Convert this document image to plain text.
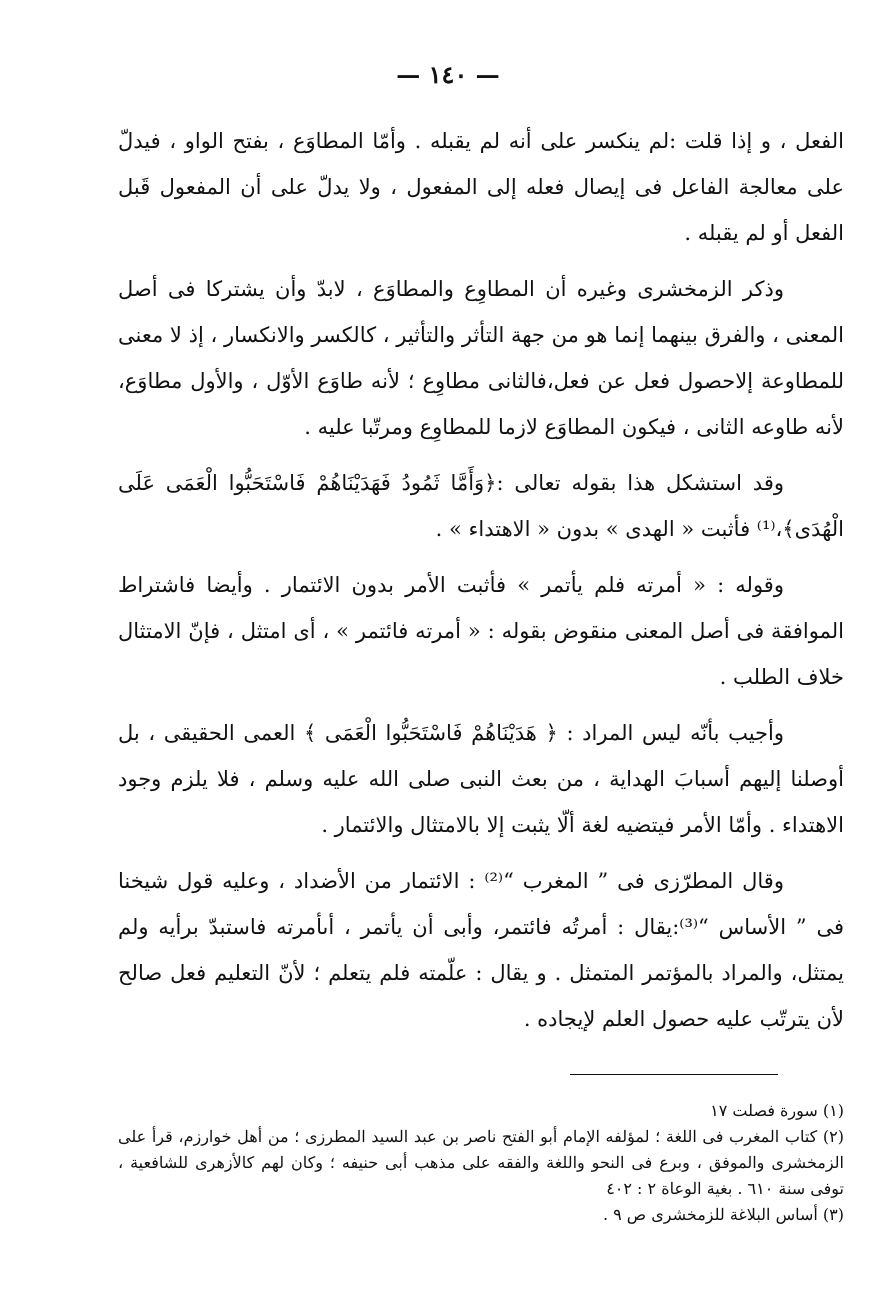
— ١٤٠ —

الفعل ، و إذا قلت :لم ينكسر على أنه لم يقبله . وأمّا المطاوَع ، بفتح الواو ، فيدلّ على معالجة الفاعل فى إيصال فعله إلى المفعول ، ولا يدلّ على أن المفعول قَبل الفعل أو لم يقبله .

وذكر الزمخشرى وغيره أن المطاوِع والمطاوَع ، لابدّ وأن يشتركا فى أصل المعنى ، والفرق بينهما إنما هو من جهة التأثر والتأثير ، كالكسر والانكسار ، إذ لا معنى للمطاوعة إلاحصول فعل عن فعل،فالثانى مطاوِع ؛ لأنه طاوَع الأوّل ، والأول مطاوَع، لأنه طاوعه الثانى ، فيكون المطاوَع لازما للمطاوِع ومرتّبا عليه .

وقد استشكل هذا بقوله تعالى :﴿وَأَمَّا ثَمُودُ فَهَدَيْنَاهُمْ فَاسْتَحَبُّوا الْعَمَى عَلَى الْهُدَى﴾،⁽¹⁾ فأثبت « الهدى » بدون « الاهتداء » .

وقوله : « أمرته فلم يأتمر » فأثبت الأمر بدون الائتمار . وأيضا فاشتراط الموافقة فى أصل المعنى منقوض بقوله : « أمرته فائتمر » ، أى امتثل ، فإنّ الامتثال خلاف الطلب .

وأجيب بأنّه ليس المراد : ﴿ هَدَيْنَاهُمْ فَاسْتَحَبُّوا الْعَمَى ﴾ العمى الحقيقى ، بل أوصلنا إليهم أسبابَ الهداية ، من بعث النبى صلى الله عليه وسلم ، فلا يلزم وجود الاهتداء . وأمّا الأمر فيتضيه لغة ألّا يثبت إلا بالامتثال والائتمار .

وقال المطرّزى فى ” المغرب “⁽²⁾ : الائتمار من الأضداد ، وعليه قول شيخنا فى ” الأساس “⁽³⁾:يقال : أمرتُه فائتمر، وأبى أن يأتمر ، أىأمرته فاستبدّ برأيه ولم يمتثل، والمراد بالمؤتمر المتمثل . و يقال : علّمته فلم يتعلم ؛ لأنّ التعليم فعل صالح لأن يترتّب عليه حصول العلم لإيجاده .

(١) سورة فصلت ١٧

(٢) كتاب المغرب فى اللغة ؛ لمؤلفه الإمام أبو الفتح ناصر بن عبد السيد المطرزى ؛ من أهل خوارزم، قرأ على الزمخشرى والموفق ، وبرع فى النحو واللغة والفقه على مذهب أبى حنيفه ؛ وكان لهم كالأزهرى للشافعية ، توفى سنة ٦١٠ . بغية الوعاة ٢ : ٤٠٢

(٣) أساس البلاغة للزمخشرى ص ٩ .
